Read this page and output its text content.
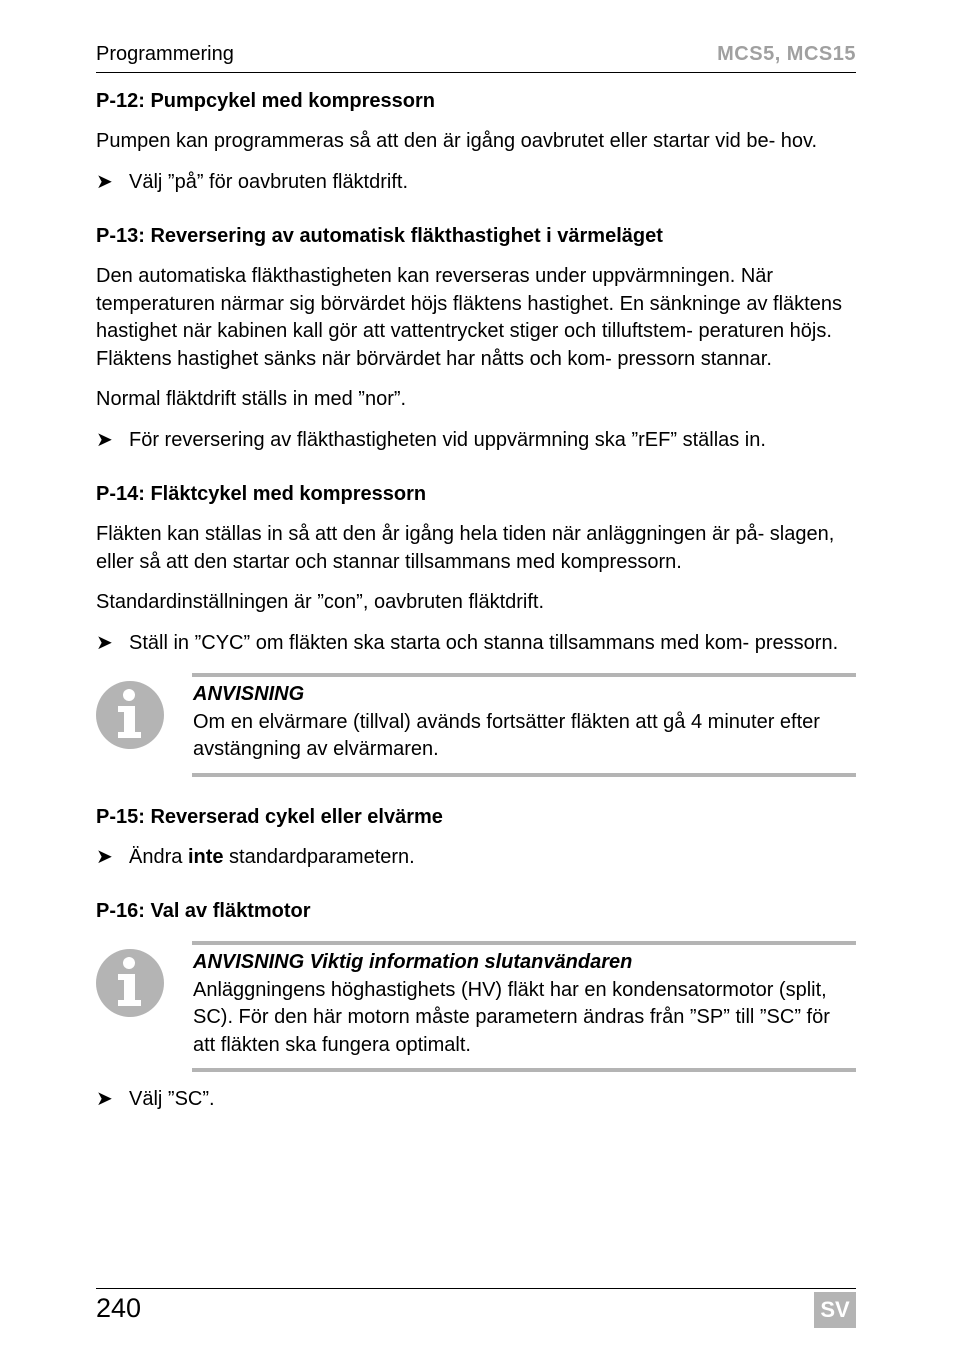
Programmering	MCS5, MCS15
P-12: Pumpcykel med kompressorn

Pumpen kan programmeras så att den är igång oavbrutet eller startar vid be- hov.

➤ Välj ”på” för oavbruten fläktdrift.
P-13: Reversering av automatisk fläkthastighet i värmeläget

Den automatiska fläkthastigheten kan reverseras under uppvärmningen. När temperaturen närmar sig börvärdet höjs fläktens hastighet. En sänkninge av fläktens hastighet när kabinen kall gör att vattentrycket stiger och tilluftstem- peraturen höjs. Fläktens hastighet sänks när börvärdet har nåtts och kom- pressorn stannar.

Normal fläktdrift ställs in med ”nor”.

➤ För reversering av fläkthastigheten vid uppvärmning ska ”rEF” ställas in.
P-14: Fläktcykel med kompressorn

Fläkten kan ställas in så att den år igång hela tiden när anläggningen är på- slagen, eller så att den startar och stannar tillsammans med kompressorn.

Standardinställningen är ”con”, oavbruten fläktdrift.

➤ Ställ in ”CYC” om fläkten ska starta och stanna tillsammans med kom- pressorn.
ANVISNING
Om en elvärmare (tillval) avänds fortsätter fläkten att gå 4 minuter efter avstängning av elvärmaren.
P-15: Reverserad cykel eller elvärme
➤ Ändra inte standardparametern.
P-16: Val av fläktmotor
ANVISNING Viktig information slutanvändaren
Anläggningens höghastighets (HV) fläkt har en kondensatormotor (split, SC). För den här motorn måste parametern ändras från ”SP” till ”SC” för att fläkten ska fungera optimalt.
➤ Välj ”SC”.
240	SV
